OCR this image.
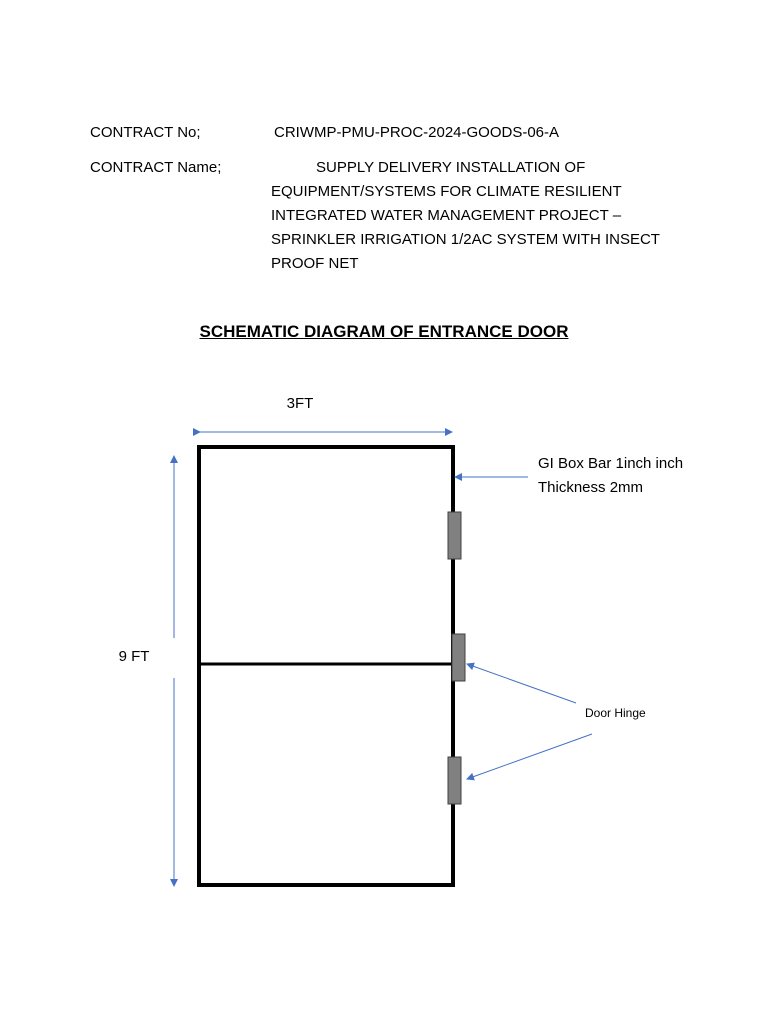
CONTRACT No;	CRIWMP-PMU-PROC-2024-GOODS-06-A
CONTRACT Name;	SUPPLY DELIVERY INSTALLATION OF
EQUIPMENT/SYSTEMS FOR CLIMATE RESILIENT
INTEGRATED WATER MANAGEMENT PROJECT –
SPRINKLER IRRIGATION 1/2AC SYSTEM WITH INSECT
PROOF NET
SCHEMATIC DIAGRAM OF ENTRANCE DOOR
3FT
9 FT
GI Box Bar 1inch inch
Thickness 2mm
Door Hinge
